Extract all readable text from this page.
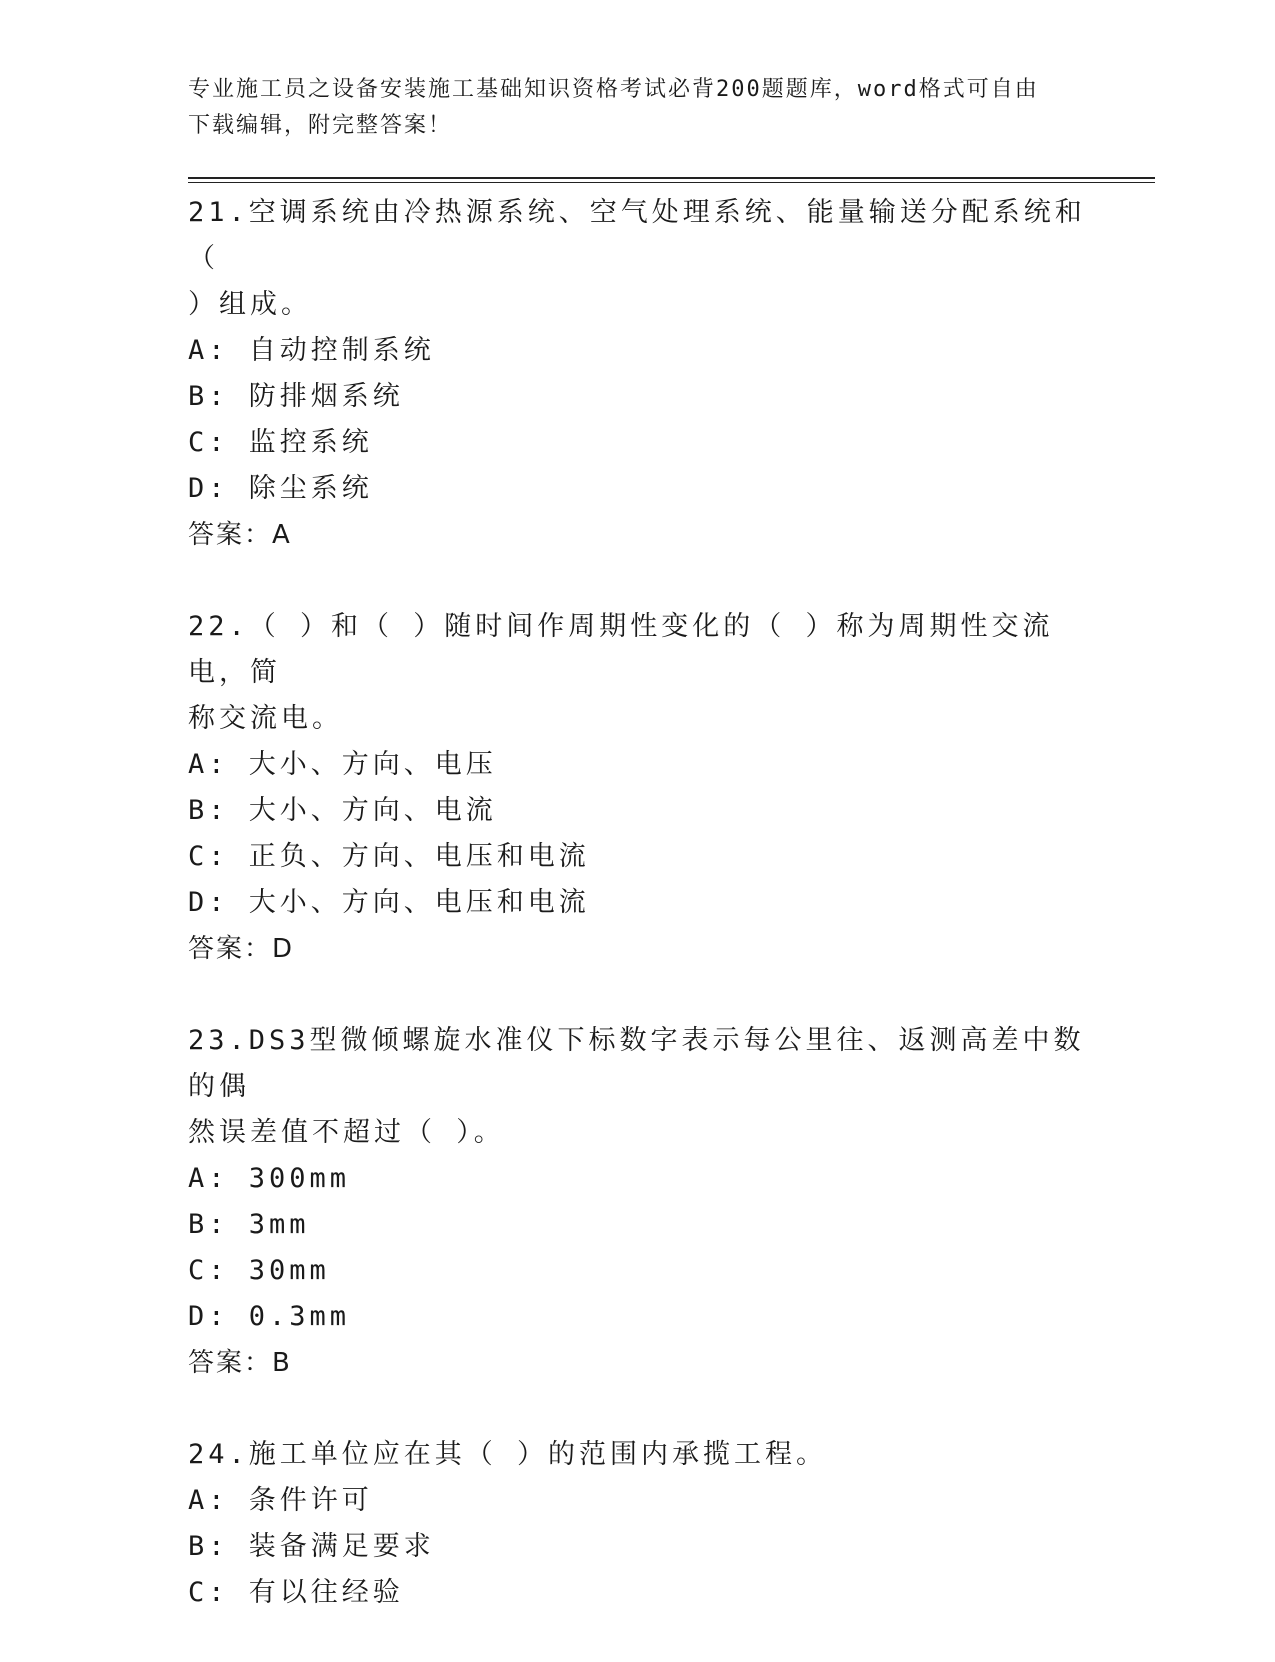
专业施工员之设备安装施工基础知识资格考试必背200题题库，word格式可自由
下载编辑，附完整答案！
21.空调系统由冷热源系统、空气处理系统、能量输送分配系统和（
）组成。
A: 自动控制系统
B: 防排烟系统
C: 监控系统
D: 除尘系统
答案：A
22.（ ）和（ ）随时间作周期性变化的（ ）称为周期性交流电，简
称交流电。
A: 大小、方向、电压
B: 大小、方向、电流
C: 正负、方向、电压和电流
D: 大小、方向、电压和电流
答案：D
23.DS3型微倾螺旋水准仪下标数字表示每公里往、返测高差中数的偶
然误差值不超过（ ）。
A: 300mm
B: 3mm
C: 30mm
D: 0.3mm
答案：B
24.施工单位应在其（ ）的范围内承揽工程。
A: 条件许可
B: 装备满足要求
C: 有以往经验
